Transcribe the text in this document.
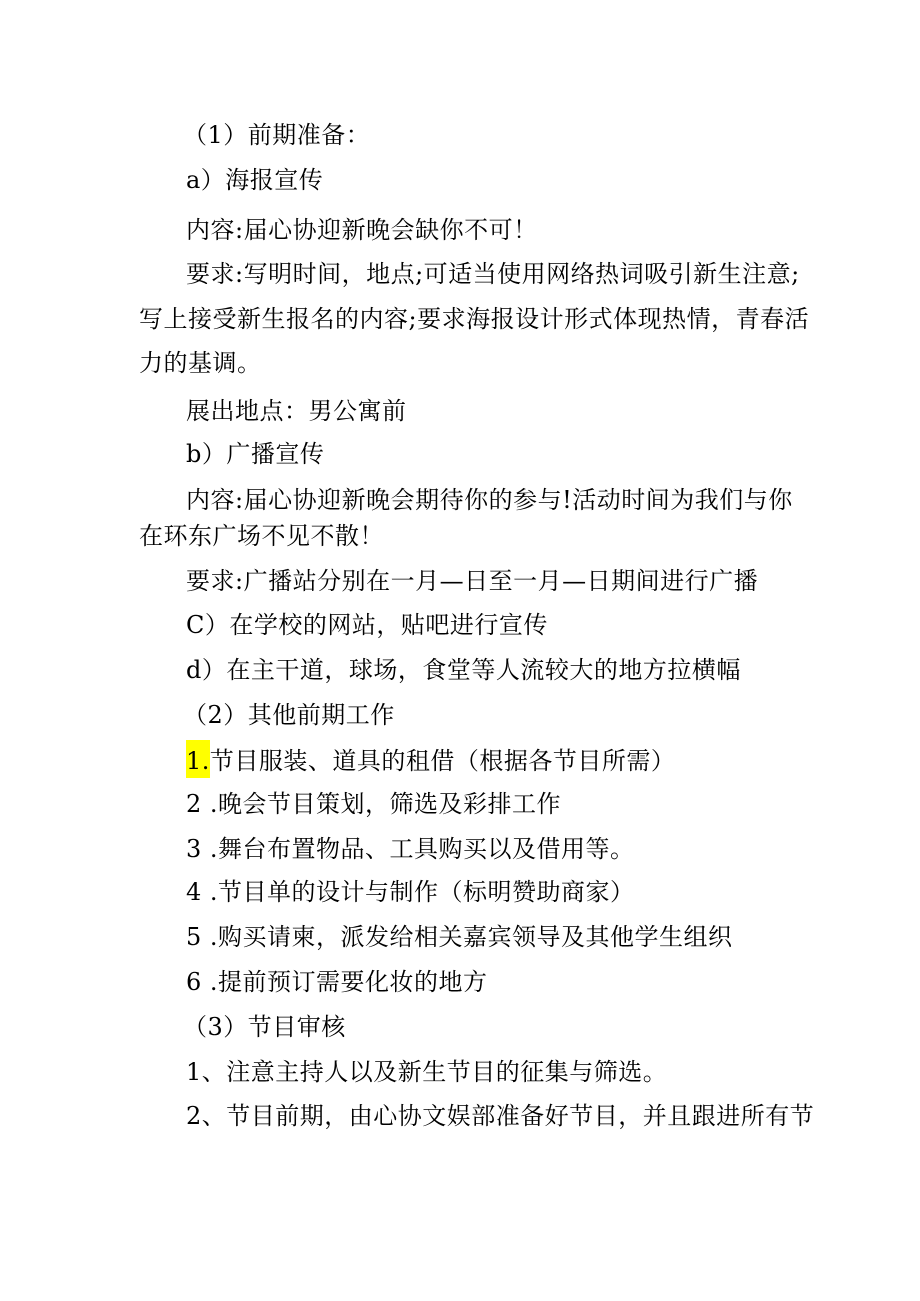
（1）前期准备：
a）海报宣传
内容:届心协迎新晚会缺你不可！
要求:写明时间，地点;可适当使用网络热词吸引新生注意;
写上接受新生报名的内容;要求海报设计形式体现热情，青春活
力的基调。
展出地点：男公寓前
b）广播宣传
内容:届心协迎新晚会期待你的参与!活动时间为我们与你
在环东广场不见不散！
要求:广播站分别在一月—日至一月—日期间进行广播
C）在学校的网站，贴吧进行宣传
d）在主干道，球场，食堂等人流较大的地方拉横幅
（2）其他前期工作
1.节目服装、道具的租借（根据各节目所需）
2 .晚会节目策划，筛选及彩排工作
3 .舞台布置物品、工具购买以及借用等。
4 .节目单的设计与制作（标明赞助商家）
5 .购买请柬，派发给相关嘉宾领导及其他学生组织
6 .提前预订需要化妆的地方
（3）节目审核
1、注意主持人以及新生节目的征集与筛选。
2、节目前期，由心协文娱部准备好节目，并且跟进所有节
